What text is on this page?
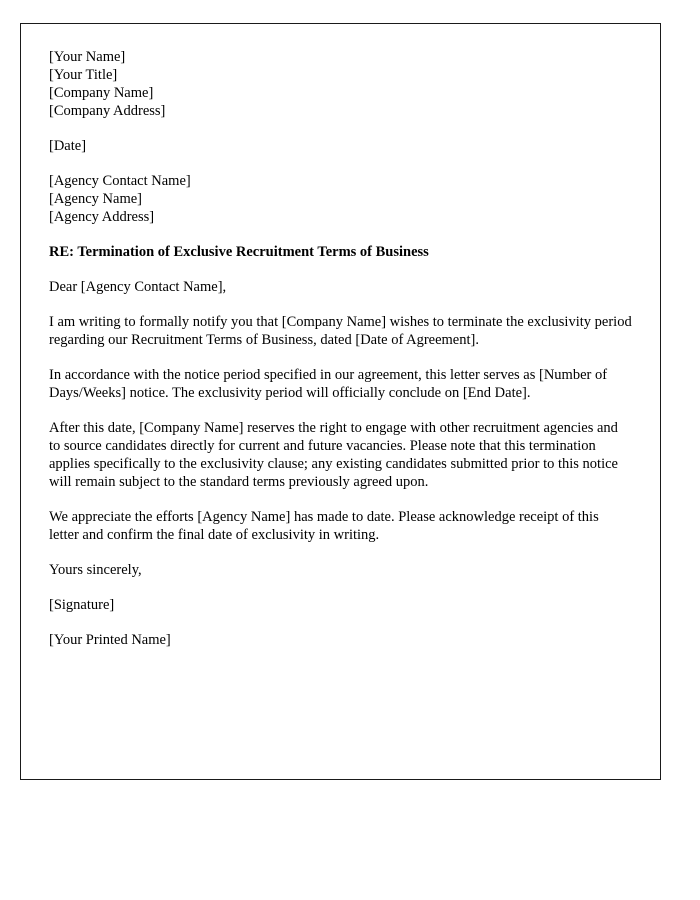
[Your Name]
[Your Title]
[Company Name]
[Company Address]
[Date]
[Agency Contact Name]
[Agency Name]
[Agency Address]
RE: Termination of Exclusive Recruitment Terms of Business
Dear [Agency Contact Name],
I am writing to formally notify you that [Company Name] wishes to terminate the exclusivity period regarding our Recruitment Terms of Business, dated [Date of Agreement].
In accordance with the notice period specified in our agreement, this letter serves as [Number of Days/Weeks] notice. The exclusivity period will officially conclude on [End Date].
After this date, [Company Name] reserves the right to engage with other recruitment agencies and to source candidates directly for current and future vacancies. Please note that this termination applies specifically to the exclusivity clause; any existing candidates submitted prior to this notice will remain subject to the standard terms previously agreed upon.
We appreciate the efforts [Agency Name] has made to date. Please acknowledge receipt of this letter and confirm the final date of exclusivity in writing.
Yours sincerely,
[Signature]
[Your Printed Name]
